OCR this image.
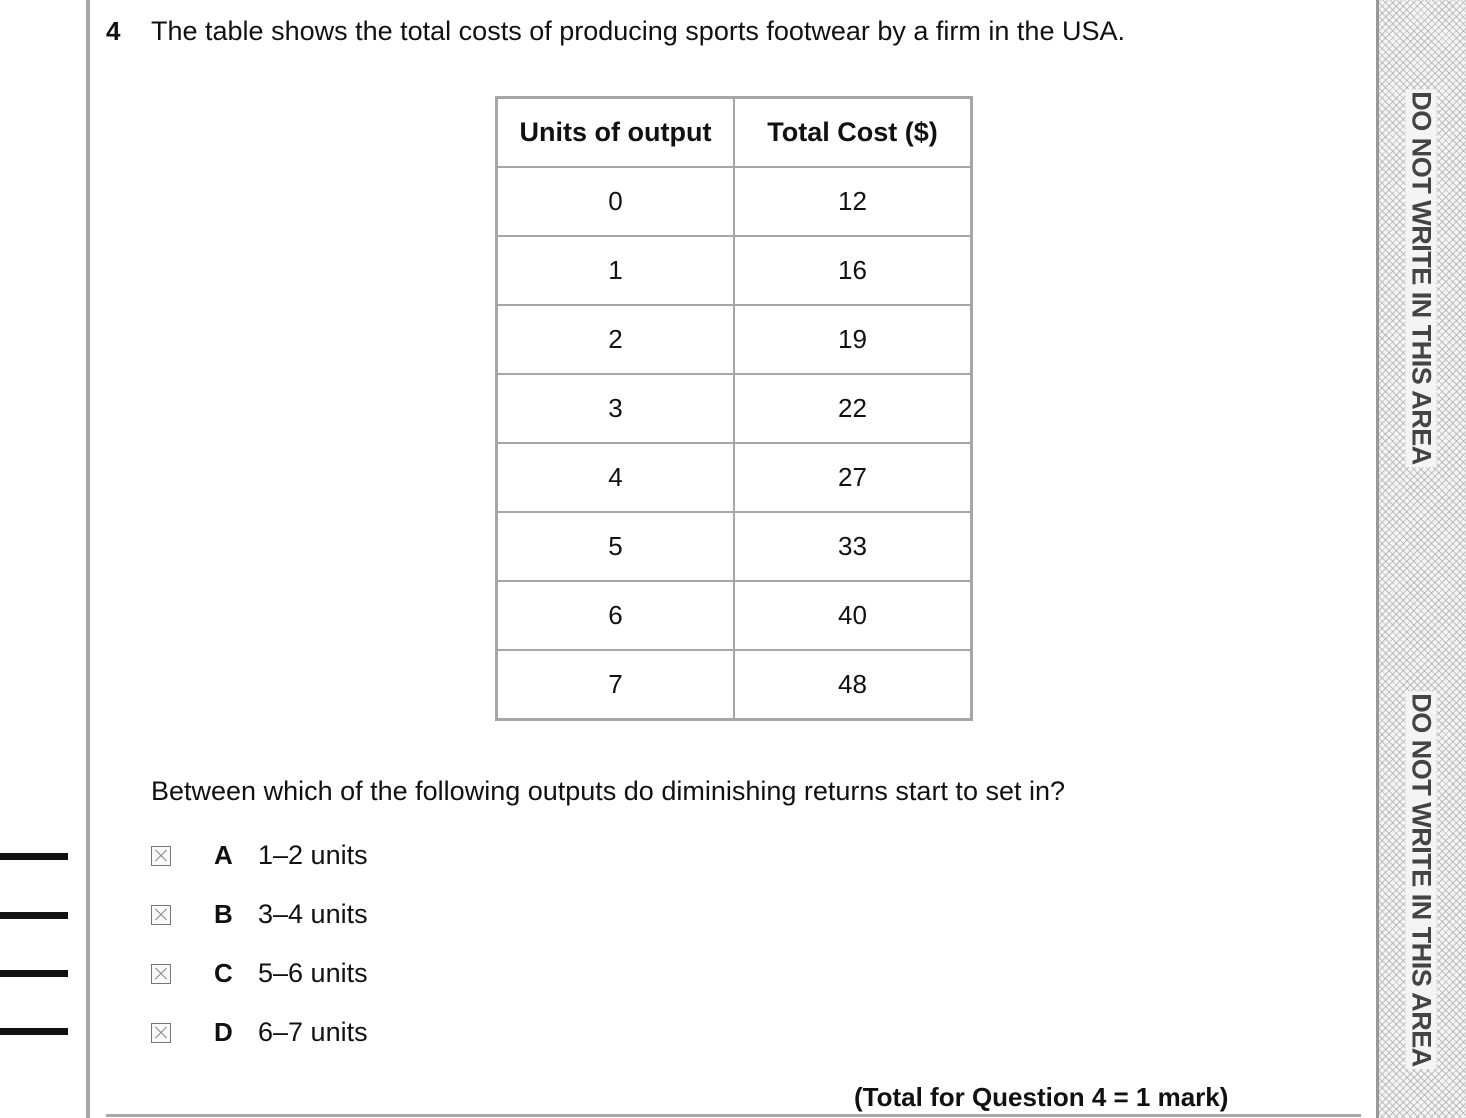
DO NOT WRITE IN THIS AREA
DO NOT WRITE IN THIS AREA
4 The table shows the total costs of producing sports footwear by a firm in the USA.
Units of output	Total Cost ($)
0	12
1	16
2	19
3	22
4	27
5	33
6	40
7	48
Between which of the following outputs do diminishing returns start to set in?
A 1–2 units
B 3–4 units
C 5–6 units
D 6–7 units
(Total for Question 4 = 1 mark)
